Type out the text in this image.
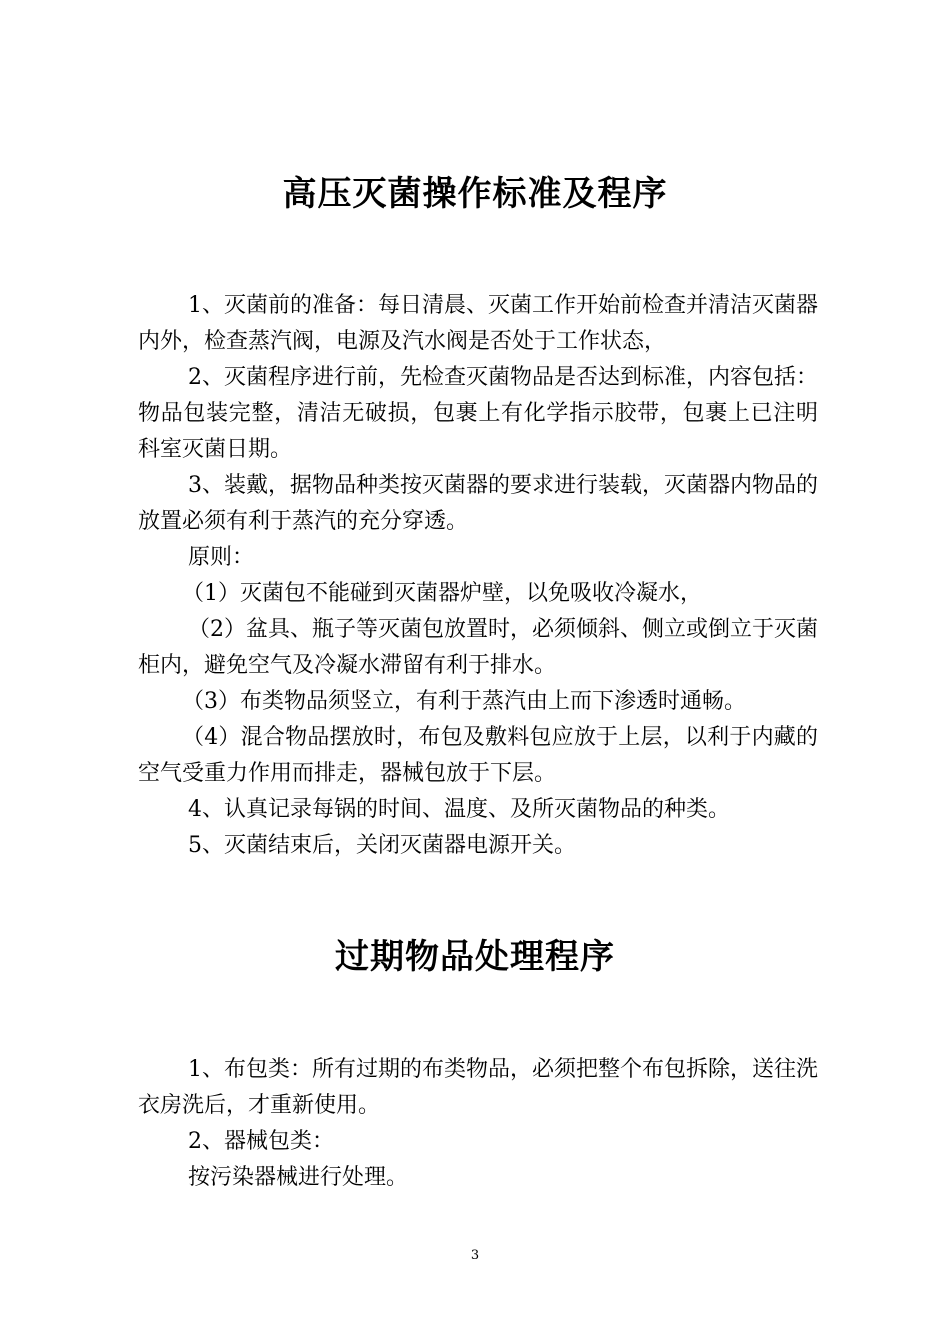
高压灭菌操作标准及程序

1、灭菌前的准备：每日清晨、灭菌工作开始前检查并清洁灭菌器内外，检查蒸汽阀，电源及汽水阀是否处于工作状态，

2、灭菌程序进行前，先检查灭菌物品是否达到标准，内容包括：物品包装完整，清洁无破损，包裹上有化学指示胶带，包裹上已注明科室灭菌日期。

3、装戴，据物品种类按灭菌器的要求进行装载，灭菌器内物品的放置必须有利于蒸汽的充分穿透。

原则：

（1）灭菌包不能碰到灭菌器炉壁，以免吸收冷凝水，

（2）盆具、瓶子等灭菌包放置时，必须倾斜、侧立或倒立于灭菌柜内，避免空气及冷凝水滞留有利于排水。

（3）布类物品须竖立，有利于蒸汽由上而下渗透时通畅。

（4）混合物品摆放时，布包及敷料包应放于上层，以利于内藏的空气受重力作用而排走，器械包放于下层。

4、认真记录每锅的时间、温度、及所灭菌物品的种类。

5、灭菌结束后，关闭灭菌器电源开关。

过期物品处理程序

1、布包类：所有过期的布类物品，必须把整个布包拆除，送往洗衣房洗后，才重新使用。

2、器械包类：

按污染器械进行处理。

3
